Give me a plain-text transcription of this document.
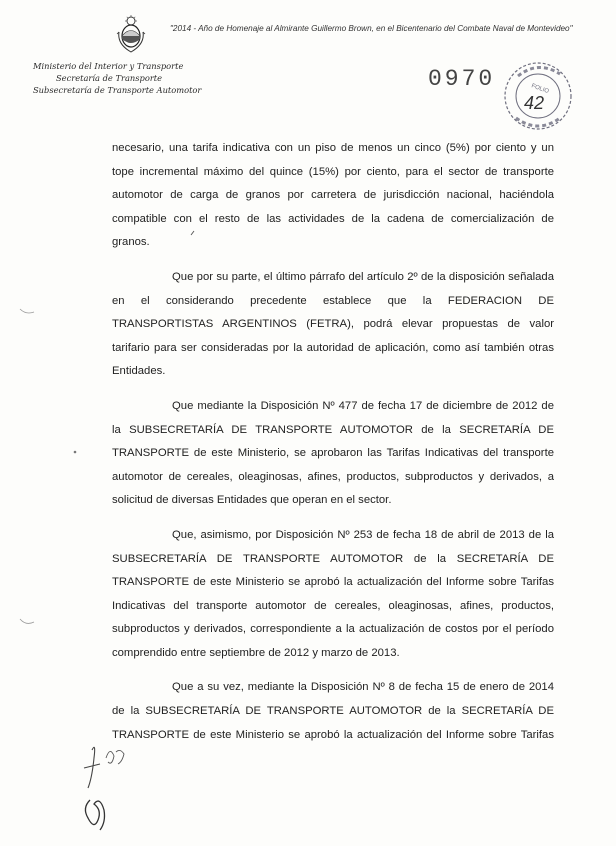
"2014 - Año de Homenaje al Almirante Guillermo Brown, en el Bicentenario del Combate Naval de Montevideo"
Ministerio del Interior y Transporte
Secretaría de Transporte
Subsecretaría de Transporte Automotor	0970	FOLIO
42
necesario, una tarifa indicativa con un piso de menos un cinco (5%) por ciento y un
tope incremental máximo del quince (15%) por ciento, para el sector de transporte
automotor de carga de granos por carretera de jurisdicción nacional, haciéndola
compatible con el resto de las actividades de la cadena de comercialización de
granos.
Que por su parte, el último párrafo del artículo 2º de la disposición señalada
en el considerando precedente establece que la FEDERACION DE
TRANSPORTISTAS ARGENTINOS (FETRA), podrá elevar propuestas de valor
tarifario para ser consideradas por la autoridad de aplicación, como así también otras
Entidades.
Que mediante la Disposición Nº 477 de fecha 17 de diciembre de 2012 de
la SUBSECRETARÍA DE TRANSPORTE AUTOMOTOR de la SECRETARÍA DE
TRANSPORTE de este Ministerio, se aprobaron las Tarifas Indicativas del transporte
automotor de cereales, oleaginosas, afines, productos, subproductos y derivados, a
solicitud de diversas Entidades que operan en el sector.
Que, asimismo, por Disposición Nº 253 de fecha 18 de abril de 2013 de la
SUBSECRETARÍA DE TRANSPORTE AUTOMOTOR de la SECRETARÍA DE
TRANSPORTE de este Ministerio se aprobó la actualización del Informe sobre Tarifas
Indicativas del transporte automotor de cereales, oleaginosas, afines, productos,
subproductos y derivados, correspondiente a la actualización de costos por el período
comprendido entre septiembre de 2012 y marzo de 2013.
Que a su vez, mediante la Disposición Nº 8 de fecha 15 de enero de 2014
de la SUBSECRETARÍA DE TRANSPORTE AUTOMOTOR de la SECRETARÍA DE
TRANSPORTE de este Ministerio se aprobó la actualización del Informe sobre Tarifas
